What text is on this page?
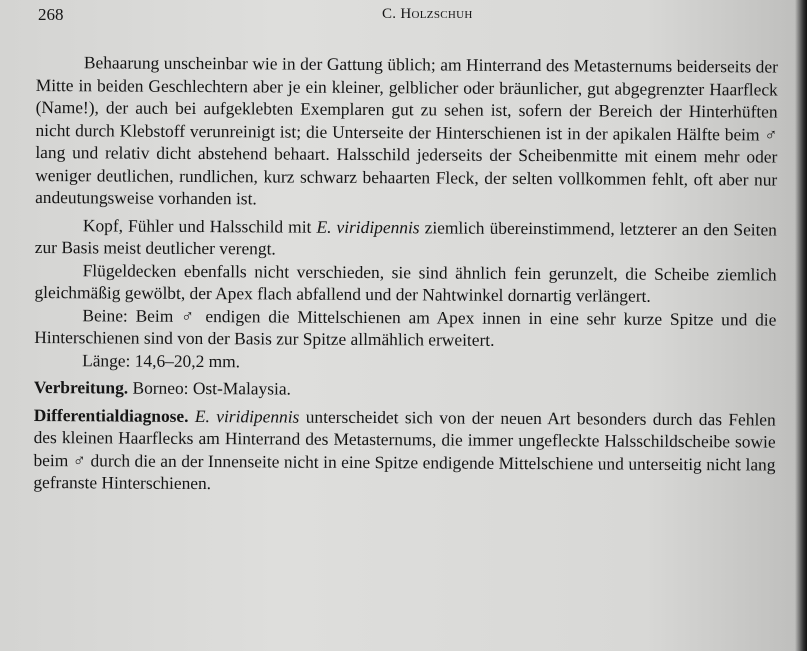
268	C. Holzschuh

Behaarung unscheinbar wie in der Gattung üblich; am Hinterrand des Metasternums beiderseits der Mitte in beiden Geschlechtern aber je ein kleiner, gelblicher oder bräunlicher, gut abgegrenzter Haarfleck (Name!), der auch bei aufgeklebten Exemplaren gut zu sehen ist, sofern der Bereich der Hinterhüften nicht durch Klebstoff verunreinigt ist; die Unterseite der Hinterschienen ist in der apikalen Hälfte beim ♂ lang und relativ dicht abstehend behaart. Halsschild jederseits der Scheibenmitte mit einem mehr oder weniger deutlichen, rundlichen, kurz schwarz behaarten Fleck, der selten vollkommen fehlt, oft aber nur andeutungsweise vorhanden ist.

Kopf, Fühler und Halsschild mit E. viridipennis ziemlich übereinstimmend, letzterer an den Seiten zur Basis meist deutlicher verengt.

Flügeldecken ebenfalls nicht verschieden, sie sind ähnlich fein gerunzelt, die Scheibe ziemlich gleichmäßig gewölbt, der Apex flach abfallend und der Nahtwinkel dornartig verlängert.

Beine: Beim ♂ endigen die Mittelschienen am Apex innen in eine sehr kurze Spitze und die Hinterschienen sind von der Basis zur Spitze allmählich erweitert.

Länge: 14,6–20,2 mm.

Verbreitung. Borneo: Ost-Malaysia.

Differentialdiagnose. E. viridipennis unterscheidet sich von der neuen Art besonders durch das Fehlen des kleinen Haarflecks am Hinterrand des Metasternums, die immer ungefleckte Halsschildscheibe sowie beim ♂ durch die an der Innenseite nicht in eine Spitze endigende Mittelschiene und unterseitig nicht lang gefranste Hinterschienen.
